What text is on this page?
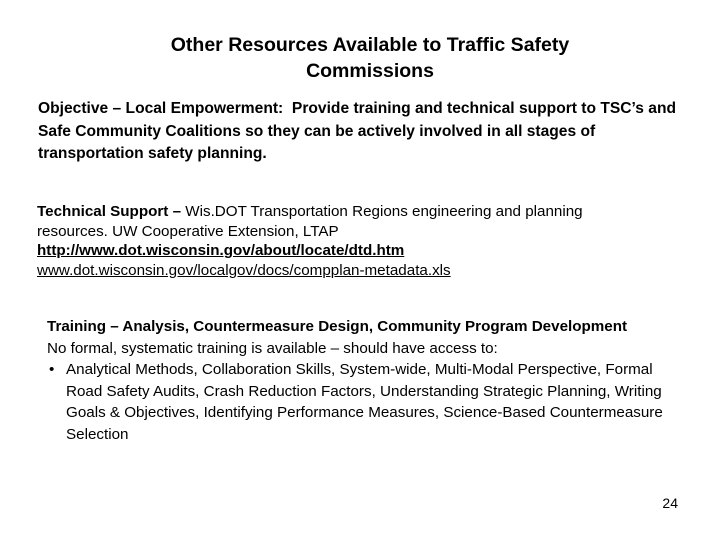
Other Resources Available to Traffic Safety
Commissions
Objective – Local Empowerment: Provide training and technical support to TSC’s and Safe Community Coalitions so they can be actively involved in all stages of transportation safety planning.
Technical Support – Wis.DOT Transportation Regions engineering and planning resources. UW Cooperative Extension, LTAP
http://www.dot.wisconsin.gov/about/locate/dtd.htm
www.dot.wisconsin.gov/localgov/docs/compplan-metadata.xls
Training – Analysis, Countermeasure Design, Community Program Development
No formal, systematic training is available – should have access to:
• Analytical Methods, Collaboration Skills, System-wide, Multi-Modal Perspective, Formal Road Safety Audits, Crash Reduction Factors, Understanding Strategic Planning, Writing Goals & Objectives, Identifying Performance Measures, Science-Based Countermeasure Selection
24
